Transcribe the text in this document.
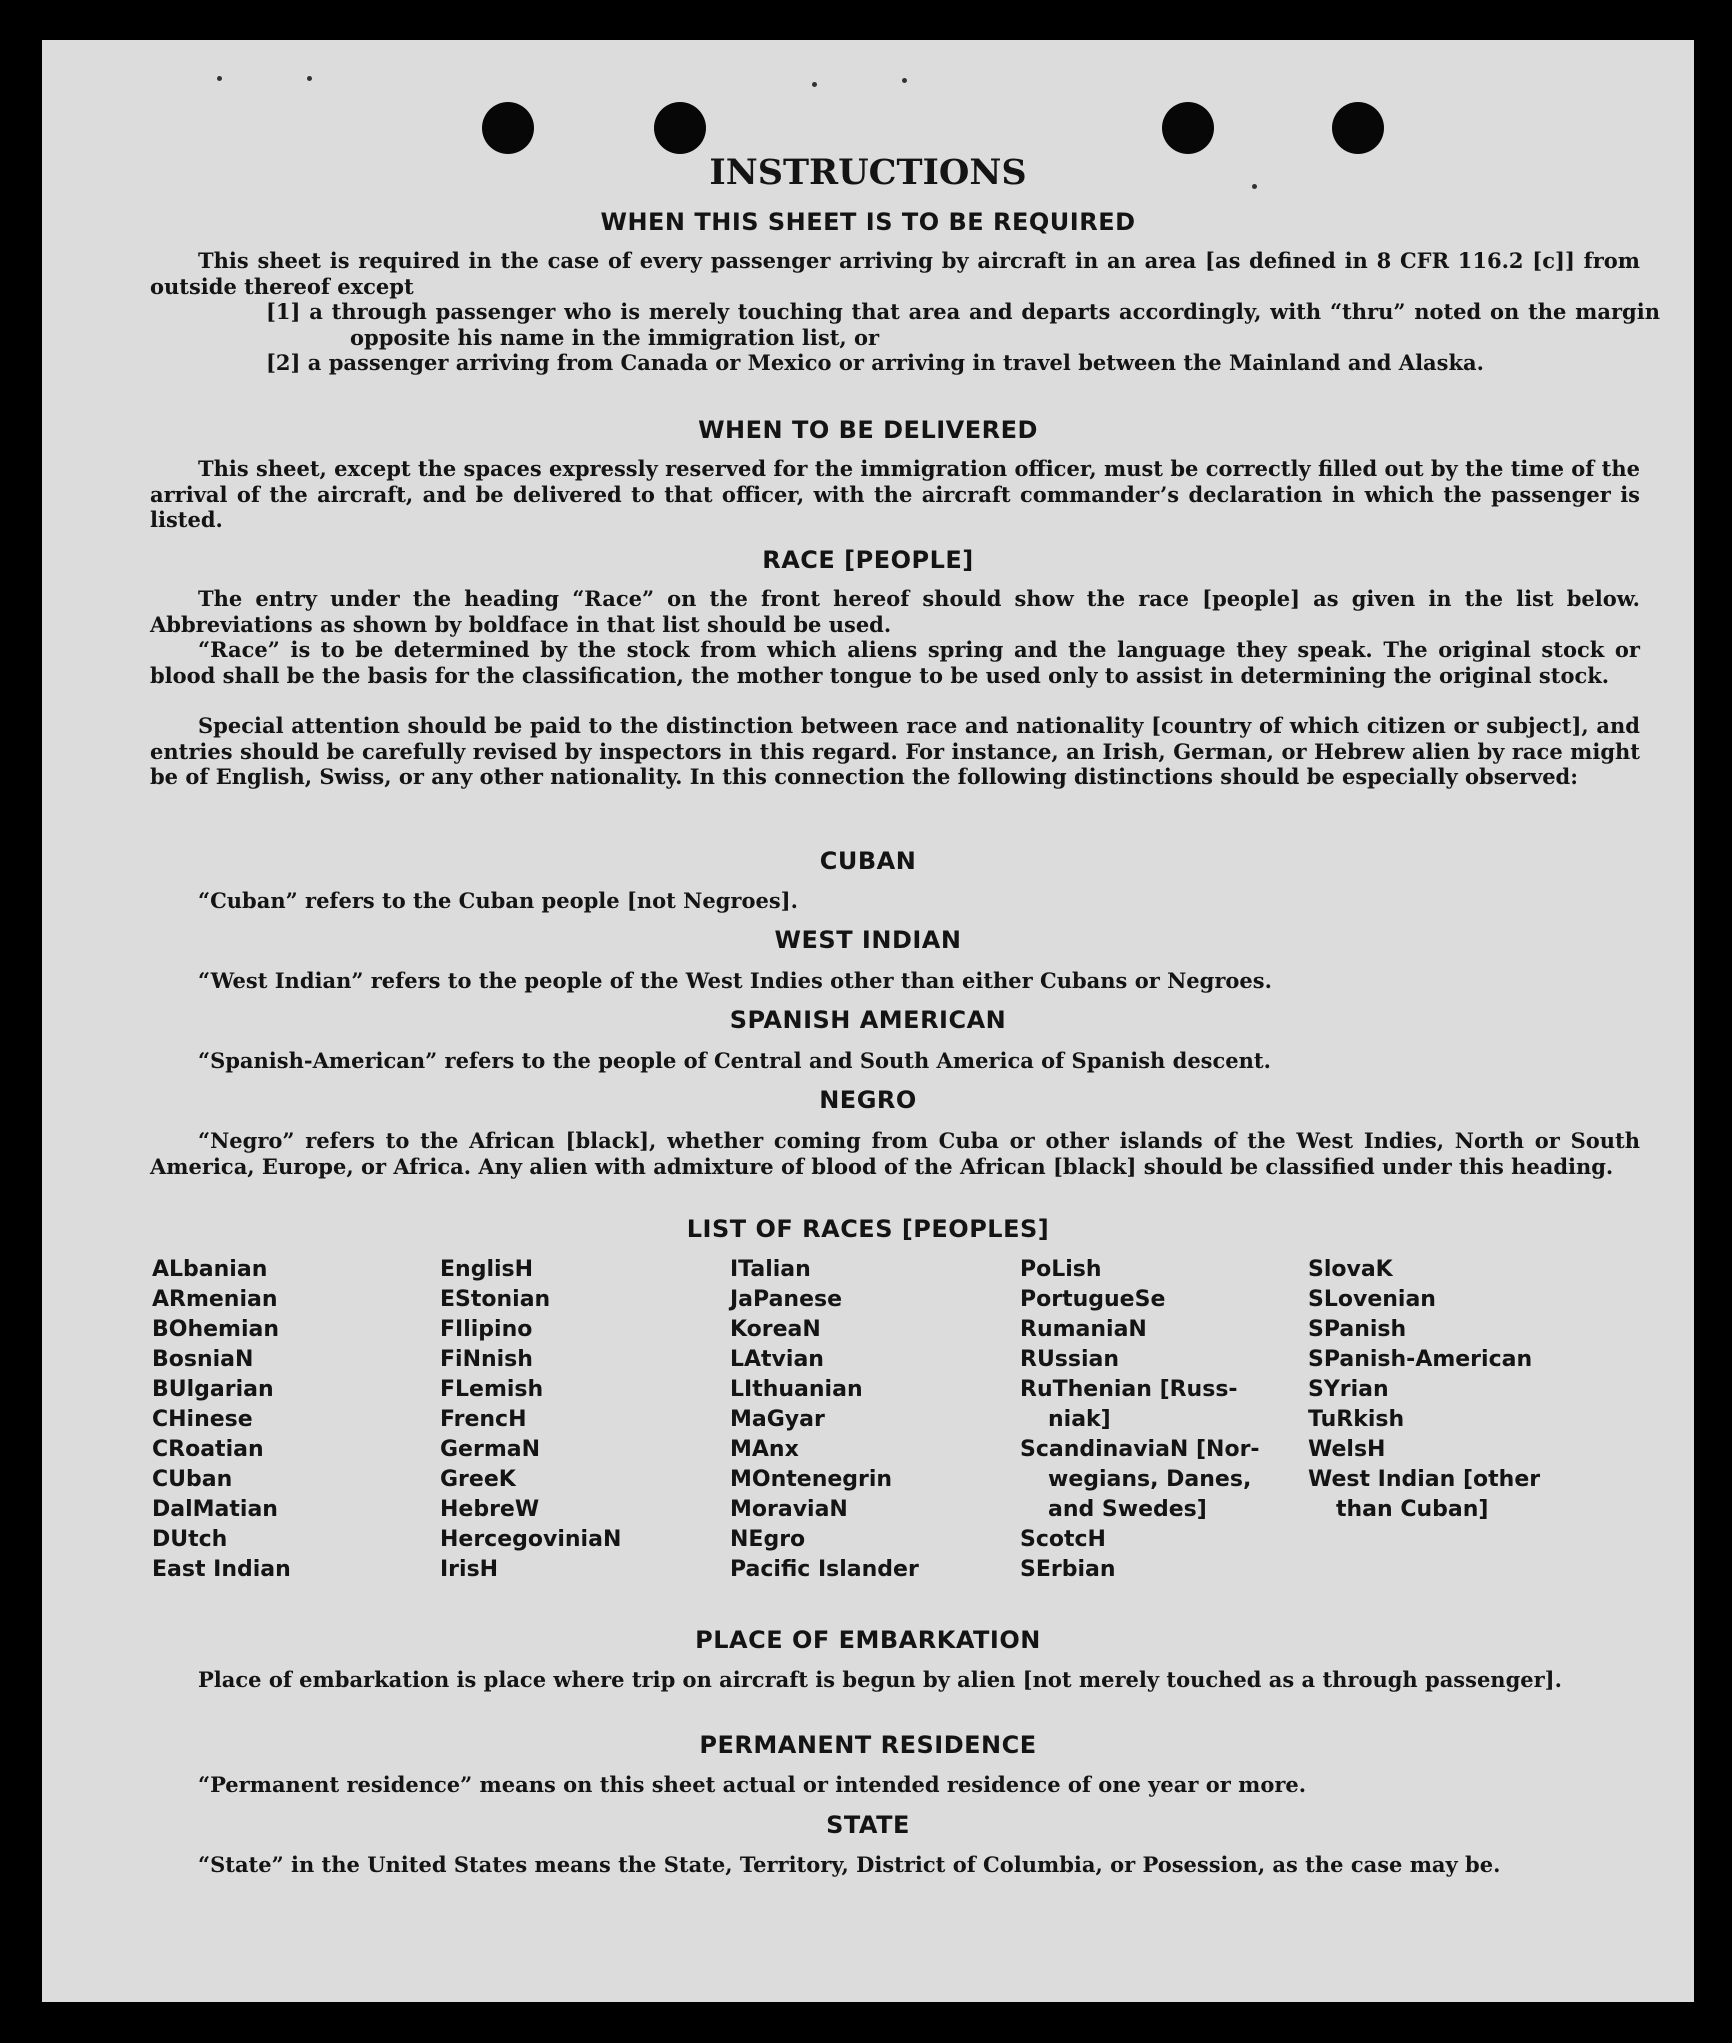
INSTRUCTIONS
WHEN THIS SHEET IS TO BE REQUIRED
This sheet is required in the case of every passenger arriving by aircraft in an area [as defined in 8 CFR 116.2 [c]] from outside thereof except
[1] a through passenger who is merely touching that area and departs accordingly, with “thru” noted on the margin opposite his name in the immigration list, or
[2] a passenger arriving from Canada or Mexico or arriving in travel between the Mainland and Alaska.
WHEN TO BE DELIVERED
This sheet, except the spaces expressly reserved for the immigration officer, must be correctly filled out by the time of the arrival of the aircraft, and be delivered to that officer, with the aircraft commander’s declaration in which the passenger is listed.
RACE [PEOPLE]
The entry under the heading “Race” on the front hereof should show the race [people] as given in the list below. Abbreviations as shown by boldface in that list should be used.
“Race” is to be determined by the stock from which aliens spring and the language they speak. The original stock or blood shall be the basis for the classification, the mother tongue to be used only to assist in determining the original stock.
Special attention should be paid to the distinction between race and nationality [country of which citizen or subject], and entries should be carefully revised by inspectors in this regard. For instance, an Irish, German, or Hebrew alien by race might be of English, Swiss, or any other nationality. In this connection the following distinctions should be especially observed:
CUBAN
“Cuban” refers to the Cuban people [not Negroes].
WEST INDIAN
“West Indian” refers to the people of the West Indies other than either Cubans or Negroes.
SPANISH AMERICAN
“Spanish-American” refers to the people of Central and South America of Spanish descent.
NEGRO
“Negro” refers to the African [black], whether coming from Cuba or other islands of the West Indies, North or South America, Europe, or Africa. Any alien with admixture of blood of the African [black] should be classified under this heading.
LIST OF RACES [PEOPLES]
ALbanian
ARmenian
BOhemian
BosniaN
BUlgarian
CHinese
CRoatian
CUban
DalMatian
DUtch
East Indian
EnglisH
EStonian
FIlipino
FiNnish
FLemish
FrencH
GermaN
GreeK
HebreW
HercegoviniaN
IrisH
ITalian
JaPanese
KoreaN
LAtvian
LIthuanian
MaGyar
MAnx
MOntenegrin
MoraviaN
NEgro
Pacific Islander
PoLish
PortugueSe
RumaniaN
RUssian
RuThenian [Russ-
niak]
ScandinaviaN [Nor-
wegians, Danes,
and Swedes]
ScotcH
SErbian
SlovaK
SLovenian
SPanish
SPanish-American
SYrian
TuRkish
WelsH
West Indian [other
than Cuban]
PLACE OF EMBARKATION
Place of embarkation is place where trip on aircraft is begun by alien [not merely touched as a through passenger].
PERMANENT RESIDENCE
“Permanent residence” means on this sheet actual or intended residence of one year or more.
STATE
“State” in the United States means the State, Territory, District of Columbia, or Posession, as the case may be.
